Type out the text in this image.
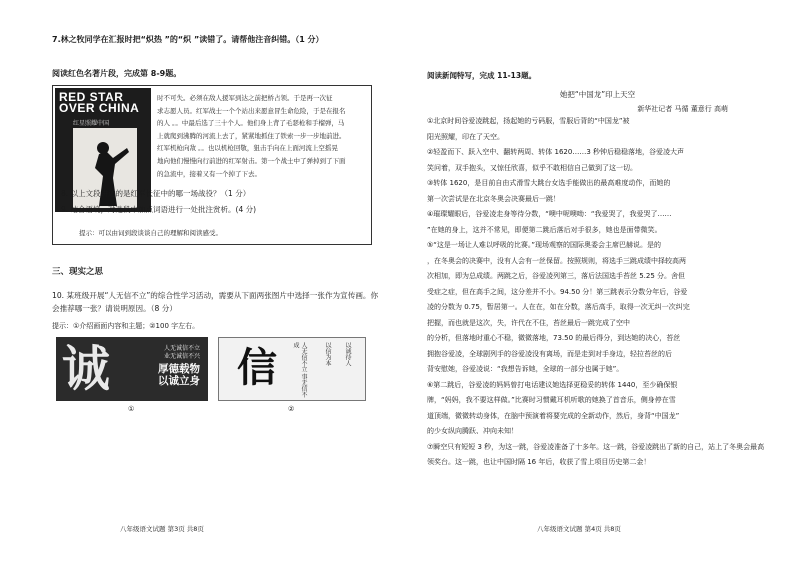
7.林之牧同学在汇报时把“炽热 ”的“炽 ”读错了。请帮他注音纠错。（1 分）
阅读红色名著片段，完成第 8-9题。
RED STAR
OVER CHINA
红星照耀中国
时不可失。必须在敌人援军到达之前把桥占领。于是再一次征
求志愿人员。红军战士一个个站出来愿意冒生命危险，于是在报名
的人 。。中最后选了三十个人。他们身上背了毛瑟枪和手榴弹，马
上就爬到沸腾的河流上去了，紧紧地抓住了铁索一步一步地前进。
红军机枪向敌 。。也以机枪回敬，狙击手向在上面河流上空摇晃
地向他们慢慢向行前进的红军射击。第一个战士中了弹掉到了下面
的急流中，接着又有一个掉了下去。
8. 以上文段讲述的是红军长征中的哪一场战役？（1 分）
9. 结合语境，对选段中加点词语进行一处批注赏析。(4 分)
提示：可以由词到段谈谈自己的理解和阅读感受。
三、现实之思
10. 某班级开展“人无信不立”的综合性学习活动，需要从下面两张图片中选择一张作为宣传画。你会推荐哪一张？请说明原因。（8 分）
提示：①介绍画面内容和主题；②100 字左右。
诚	人无诚信不立
业无诚信不兴
厚德载物
以诚立身 信	人无信不立 事无信不成	以信为本 以诚待人
①	②
八年级语文试题 第3页 共8页
阅读新闻特写，完成 11-13题。
她把“中国龙”印上天空
新华社记者 马循 董意行 高萌
①北京时间谷爱凌跳起，扬起她的亏码服，雪服后背的“中国龙”被
阳光照耀，印在了天空。
②轻盈而下、跃入空中、翻转两周、转体 1620……3 秒钟后稳稳落地，谷爱凌大声
笑问着，双手抱头，又惊任欣喜，似乎不敢相信自己做到了这一切。
③转体 1620，是目前自由式滑雪大跳台女选手能做出的最高难度动作，而她的
第一次尝试是在北京冬奥会决赛最后一跳！
④璀璨耀眼后，谷爱凌走身等待分数，“噢中呢噢呦：“我爱哭了，我爱哭了……
”在她的身上，这并不常见，即便第二跳后落后对手很多，她也是面带微笑。
⑤“这是一场让人难以呼吸的比赛。”现场观察的国际奥委会主席巴赫说。是的
，在冬奥会的决赛中，没有人会有一丝保留。按照规则，将选手三跳成绩中择较高两
次相加，即为总成绩。两跳之后，谷爱凌列第三，落后法国选手苔丝 5.25 分。舍但
受症之症，但在高手之间，这分差并不小。94.50 分！第三跳表示分数分年后，谷爱
凌的分数为 0.75，暂居第一。人在在，如在分数，落后高手，取得一次无纠一次纠完
把握，而也就是这次，失，许代在不住，苔丝最后一跳完成了空中
的分析，但落地时重心不稳，微微落地，73.50 的最后得分，到达她的决心，苔丝
拥抱谷爱凌，全球剧列手的谷爱凌没有离场，而是走到对手身边，轻拉苔丝的后
背安慰她，谷爱凌说：“我想告诉她，全球的一部分也属于她”。
⑥第二跳后，谷爱凌的妈妈曾打电话建议她选择更稳妥的转体 1440，至少确保银
牌，“妈妈，我不要这样做。”比赛时习惯戴耳机听歌的她换了首音乐，侧身停在雪
道顶端，微微转动身体，在脑中预演着将要完成的全新动作，然后，身背“中国龙”
的少女纵向腾跃、冲向未知！
⑦瞬空只有短短 3 秒，为这一跳，谷爱凌准备了十多年。这一跳，谷爱凌跳出了新的自己，站上了冬奥会最高领奖台。这一跳，也让中国时隔 16 年后，收获了雪上项目历史第二金！
八年级语文试题 第4页 共8页
